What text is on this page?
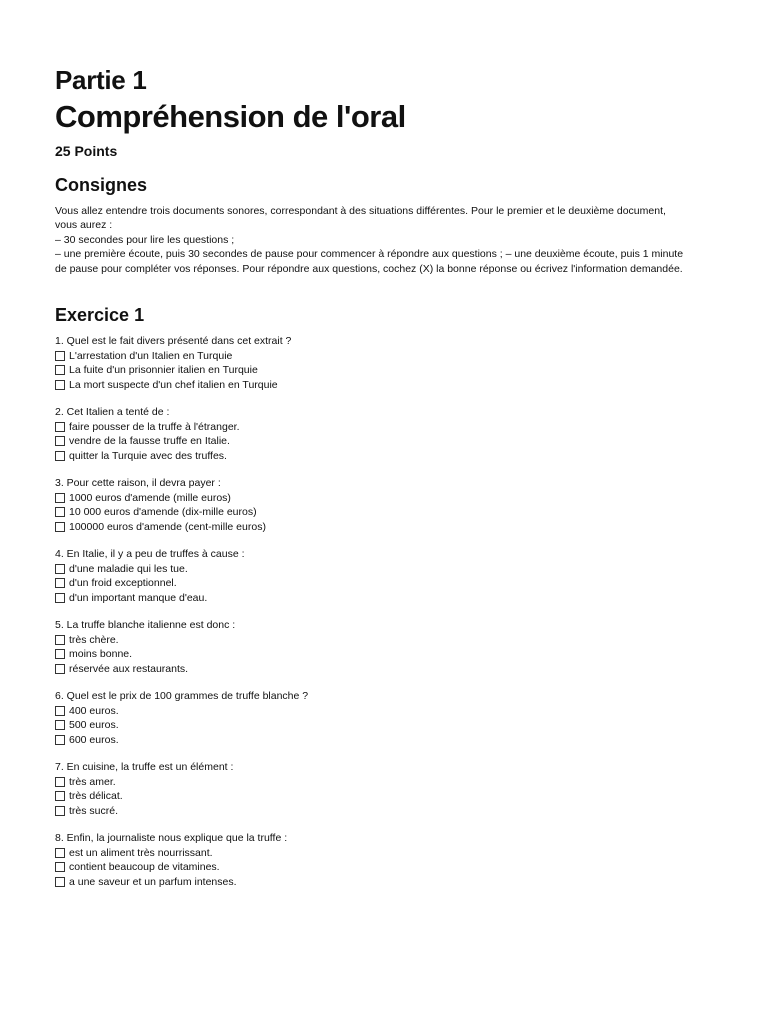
Partie 1
Compréhension de l'oral
25 Points
Consignes

Vous allez entendre trois documents sonores, correspondant à des situations différentes. Pour le premier et le deuxième document,

vous aurez :

– 30 secondes pour lire les questions ;

– une première écoute, puis 30 secondes de pause pour commencer à répondre aux questions ; – une deuxième écoute, puis 1 minute

de pause pour compléter vos réponses. Pour répondre aux questions, cochez (X) la bonne réponse ou écrivez l'information demandée.

Exercice 1
1. Quel est le fait divers présenté dans cet extrait ?
L'arrestation d'un Italien en Turquie
La fuite d'un prisonnier italien en Turquie
La mort suspecte d'un chef italien en Turquie
2. Cet Italien a tenté de :
faire pousser de la truffe à l'étranger.
vendre de la fausse truffe en Italie.
quitter la Turquie avec des truffes.
3. Pour cette raison, il devra payer :
1000 euros d'amende (mille euros)
10 000 euros d'amende (dix-mille euros)
100000 euros d'amende (cent-mille euros)
4. En Italie, il y a peu de truffes à cause :
d'une maladie qui les tue.
d'un froid exceptionnel.
d'un important manque d'eau.
5. La truffe blanche italienne est donc :
très chère.
moins bonne.
réservée aux restaurants.
6. Quel est le prix de 100 grammes de truffe blanche ?
400 euros.
500 euros.
600 euros.
7. En cuisine, la truffe est un élément :
très amer.
très délicat.
très sucré.
8. Enfin, la journaliste nous explique que la truffe :
est un aliment très nourrissant.
contient beaucoup de vitamines.
a une saveur et un parfum intenses.
